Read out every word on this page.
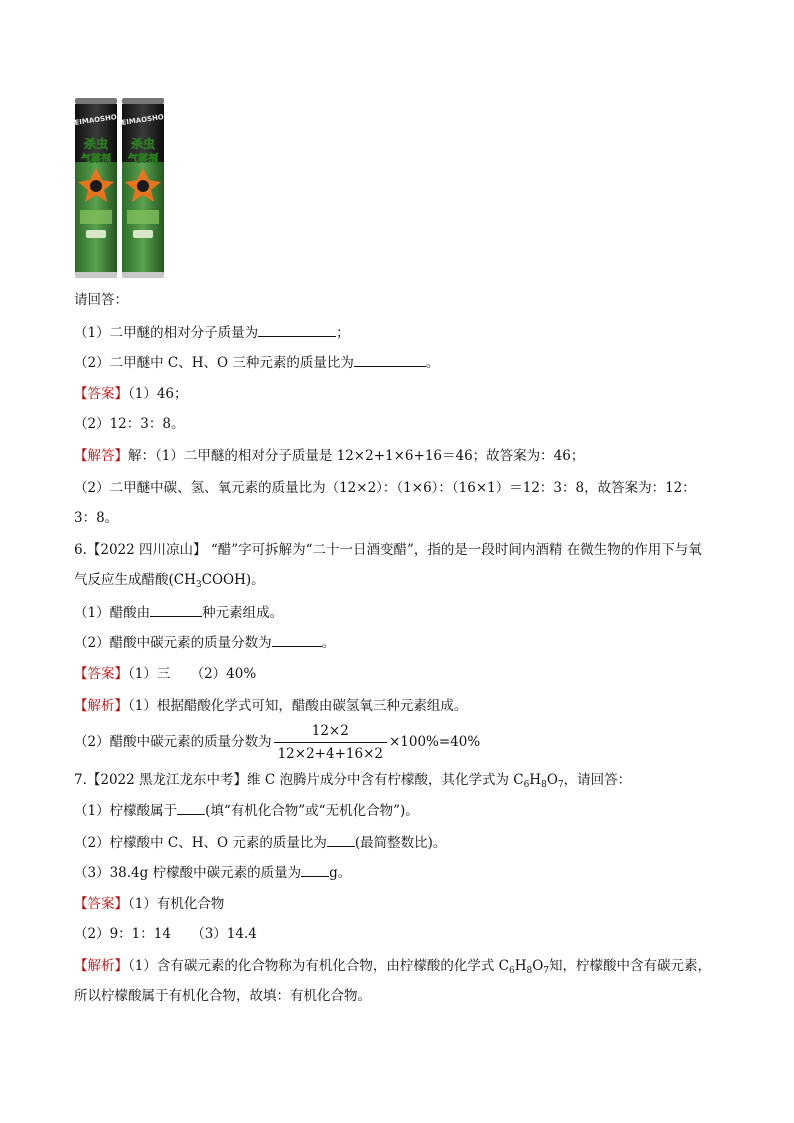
EIMAOSHO
杀虫
气雾剂
EIMAOSHO
杀虫
气雾剂
请回答：
（1）二甲醚的相对分子质量为	；
（2）二甲醚中 C、H、O 三种元素的质量比为	。
【答案】（1）46；
（2）12：3：8。
【解答】解：（1）二甲醚的相对分子质量是 12×2+1×6+16＝46；故答案为：46；
（2）二甲醚中碳、氢、氧元素的质量比为（12×2）：（1×6）：（16×1）＝12：3：8，故答案为：12：
3：8。
6.【2022 四川凉山】 “醋”字可拆解为“二十一日酒变醋”，指的是一段时间内酒精 在微生物的作用下与氧
气反应生成醋酸$(CH_3COOH)$。
（1）醋酸由	种元素组成。
（2）醋酸中碳元素的质量分数为	。
【答案】（1）三　　（2）40%
【解析】（1）根据醋酸化学式可知，醋酸由碳氢氧三种元素组成。
（2）醋酸中碳元素的质量分数为 $\frac{12\times 2}{12\times 2+4+16\times 2} \times 100\%=40\%$
7.【2022 黑龙江龙东中考】维 C 泡腾片成分中含有柠檬酸，其化学式为 $C_6H_8O_7$，请回答：
（1）柠檬酸属于 (填“有机化合物”或“无机化合物”)。
（2）柠檬酸中 C、H、O 元素的质量比为 (最简整数比)。
（3）38.4g 柠檬酸中碳元素的质量为 g。
【答案】（1）有机化合物
（2）9：1：14　　（3）14.4
【解析】（1）含有碳元素的化合物称为有机化合物，由柠檬酸的化学式 $C_6H_8O_7$知，柠檬酸中含有碳元素，
所以柠檬酸属于有机化合物，故填：有机化合物。
